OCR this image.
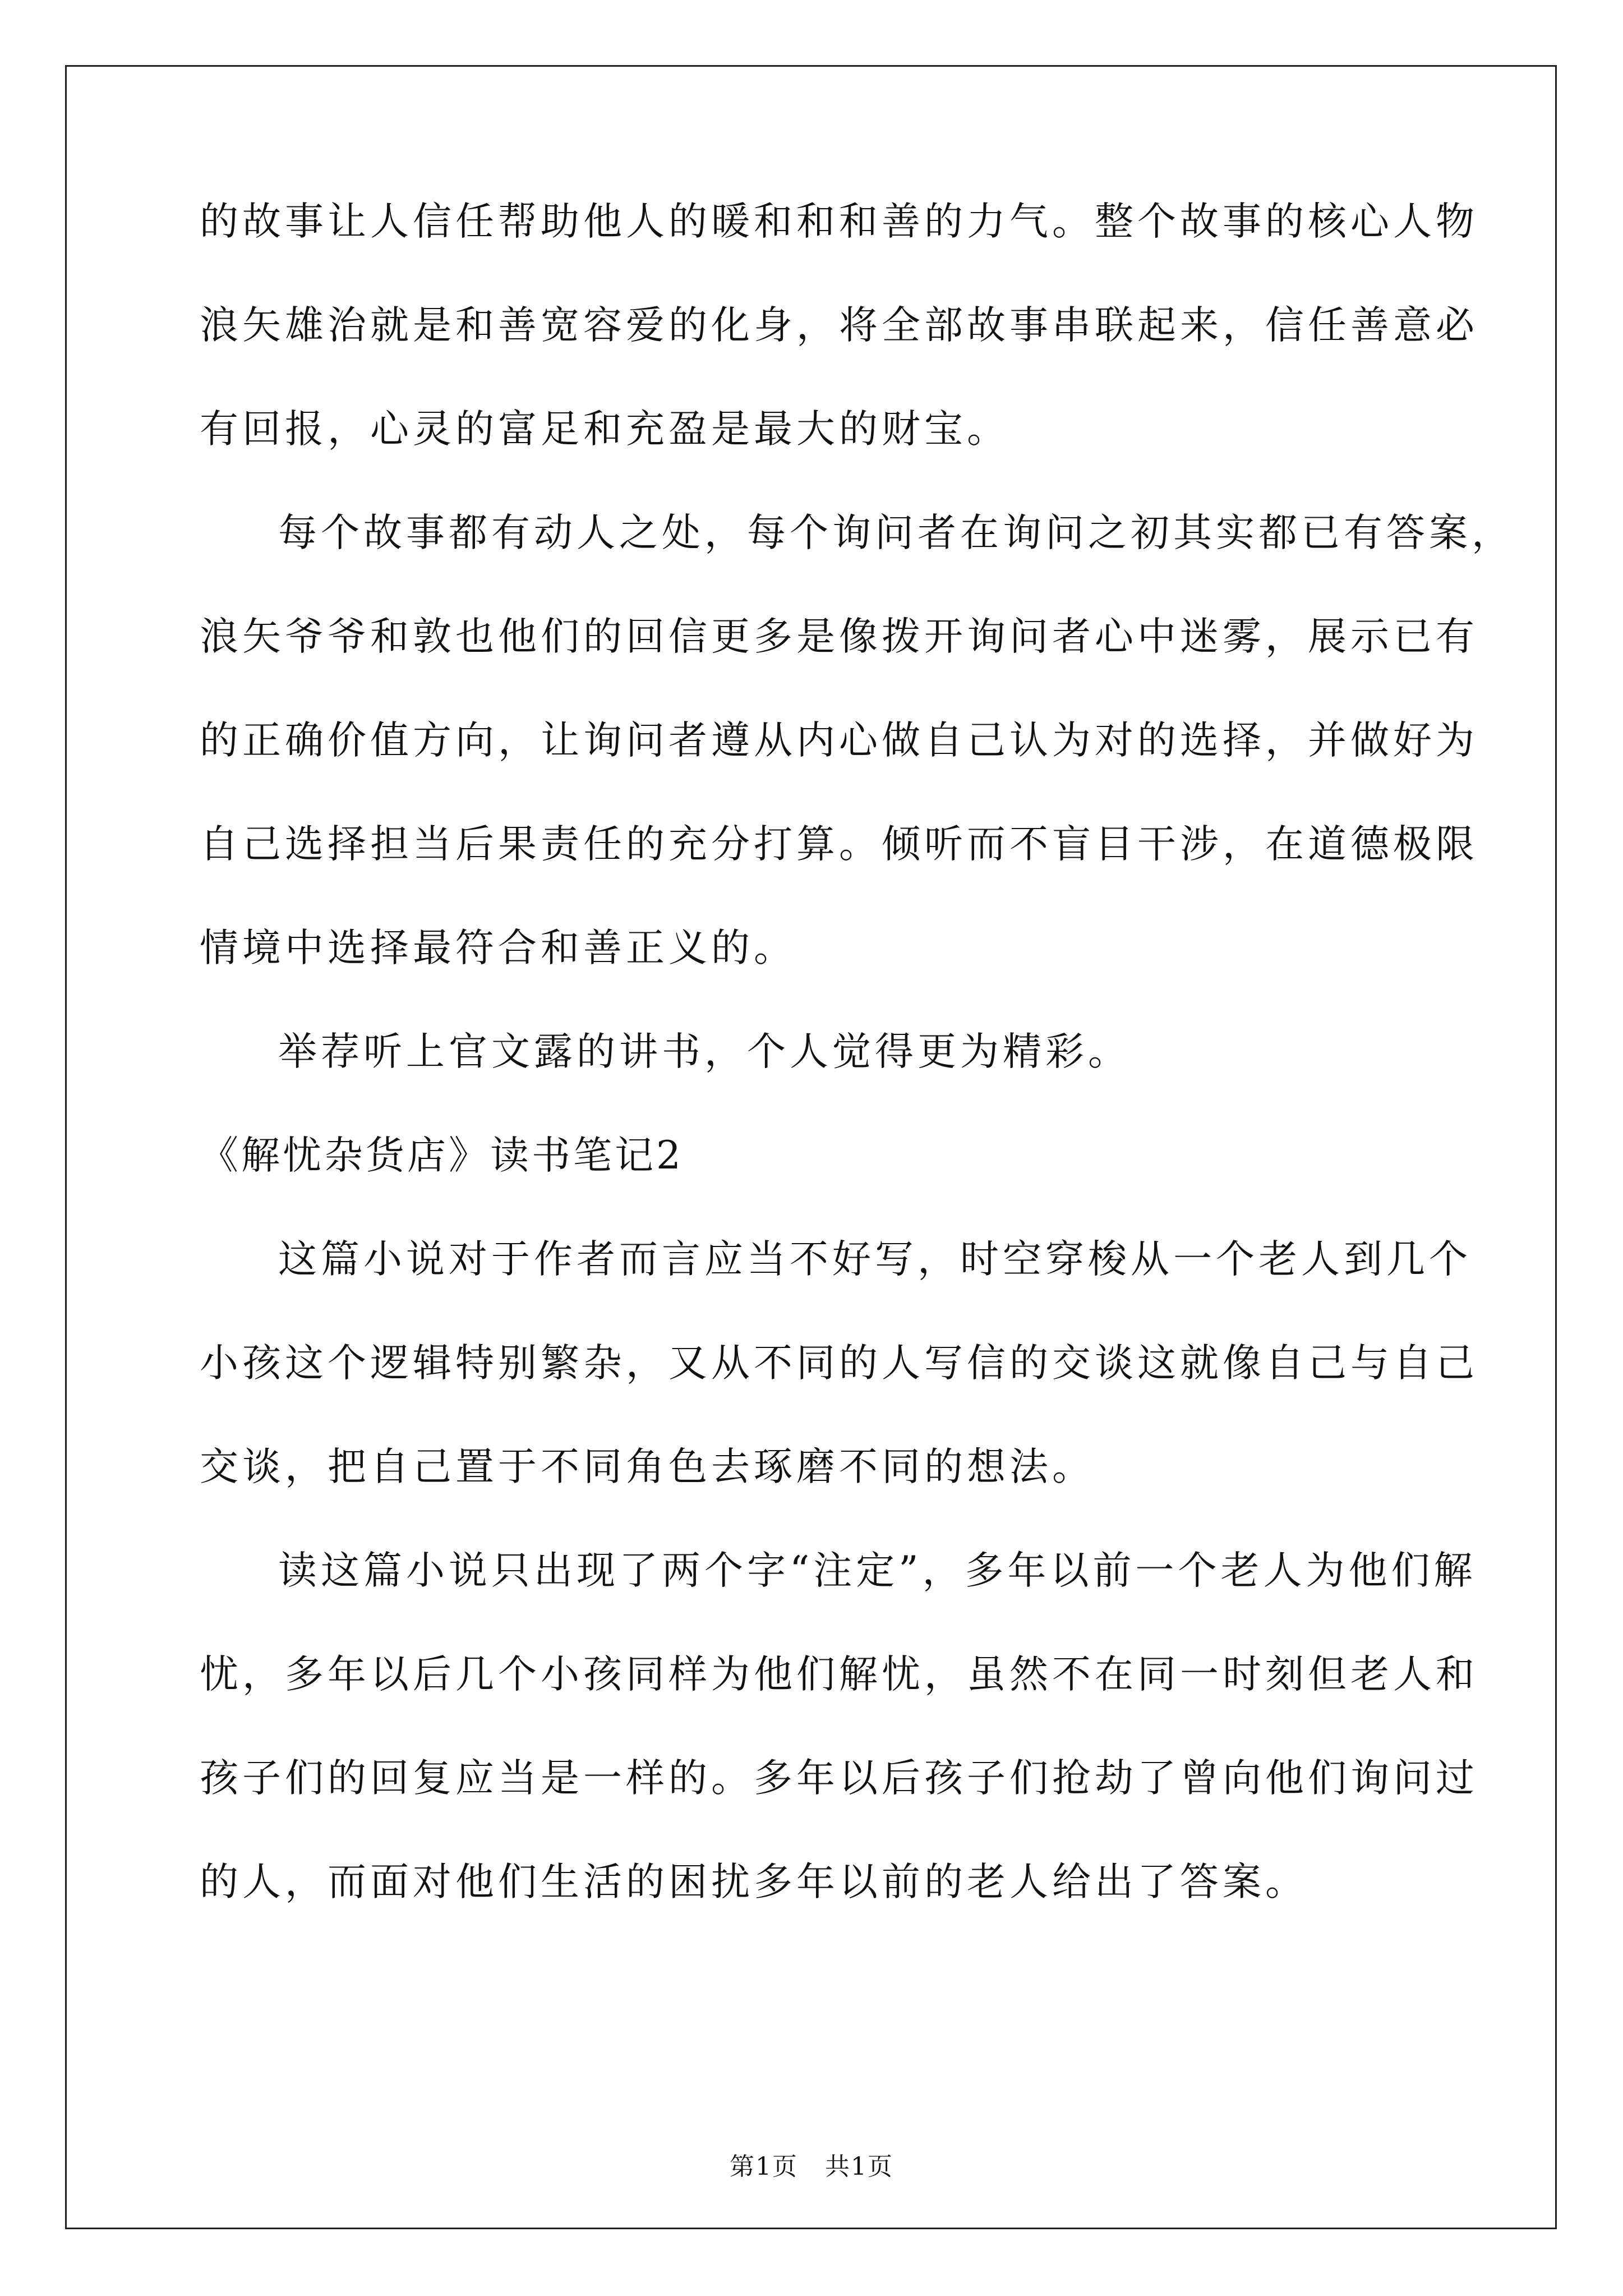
的故事让人信任帮助他人的暖和和和善的力气。整个故事的核心人物
浪矢雄治就是和善宽容爱的化身，将全部故事串联起来，信任善意必
有回报，心灵的富足和充盈是最大的财宝。
每个故事都有动人之处，每个询问者在询问之初其实都已有答案，
浪矢爷爷和敦也他们的回信更多是像拨开询问者心中迷雾，展示已有
的正确价值方向，让询问者遵从内心做自己认为对的选择，并做好为
自己选择担当后果责任的充分打算。倾听而不盲目干涉，在道德极限
情境中选择最符合和善正义的。
举荐听上官文露的讲书，个人觉得更为精彩。
《解忧杂货店》读书笔记2
这篇小说对于作者而言应当不好写，时空穿梭从一个老人到几个
小孩这个逻辑特别繁杂，又从不同的人写信的交谈这就像自己与自己
交谈，把自己置于不同角色去琢磨不同的想法。
读这篇小说只出现了两个字“注定”，多年以前一个老人为他们解
忧，多年以后几个小孩同样为他们解忧，虽然不在同一时刻但老人和
孩子们的回复应当是一样的。多年以后孩子们抢劫了曾向他们询问过
的人，而面对他们生活的困扰多年以前的老人给出了答案。
第1页   共1页
